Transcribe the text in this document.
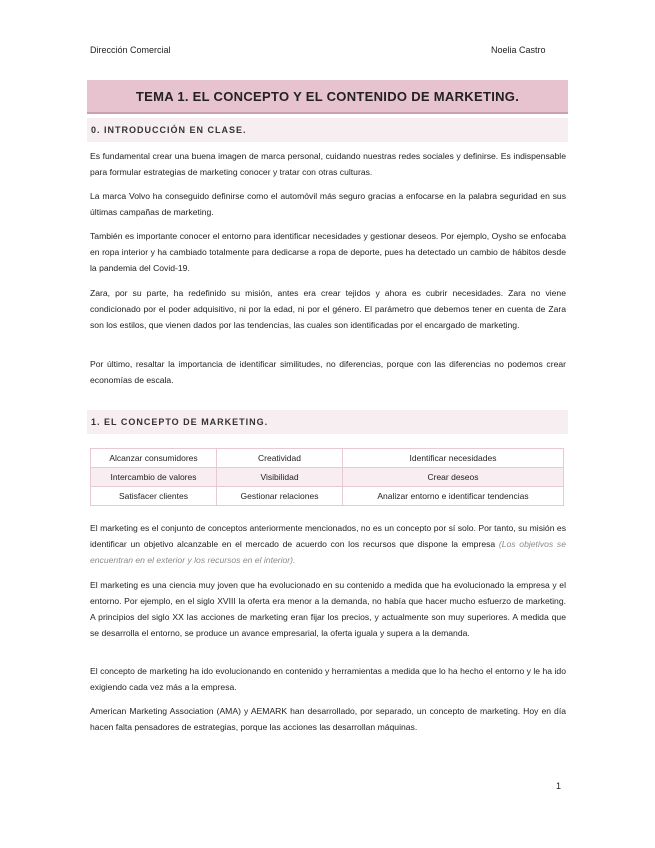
Dirección Comercial	Noelia Castro
TEMA 1. EL CONCEPTO Y EL CONTENIDO DE MARKETING.
0. INTRODUCCIÓN EN CLASE.

Es fundamental crear una buena imagen de marca personal, cuidando nuestras redes sociales y definirse. Es indispensable para formular estrategias de marketing conocer y tratar con otras culturas.

La marca Volvo ha conseguido definirse como el automóvil más seguro gracias a enfocarse en la palabra seguridad en sus últimas campañas de marketing.

También es importante conocer el entorno para identificar necesidades y gestionar deseos. Por ejemplo, Oysho se enfocaba en ropa interior y ha cambiado totalmente para dedicarse a ropa de deporte, pues ha detectado un cambio de hábitos desde la pandemia del Covid-19.

Zara, por su parte, ha redefinido su misión, antes era crear tejidos y ahora es cubrir necesidades. Zara no viene condicionado por el poder adquisitivo, ni por la edad, ni por el género. El parámetro que debemos tener en cuenta de Zara son los estilos, que vienen dados por las tendencias, las cuales son identificadas por el encargado de marketing.

Por último, resaltar la importancia de identificar similitudes, no diferencias, porque con las diferencias no podemos crear economías de escala.

1. EL CONCEPTO DE MARKETING.
Alcanzar consumidores	Creatividad	Identificar necesidades
Intercambio de valores	Visibilidad	Crear deseos
Satisfacer clientes	Gestionar relaciones	Analizar entorno e identificar tendencias

El marketing es el conjunto de conceptos anteriormente mencionados, no es un concepto por sí solo. Por tanto, su misión es identificar un objetivo alcanzable en el mercado de acuerdo con los recursos que dispone la empresa (Los objetivos se encuentran en el exterior y los recursos en el interior).

El marketing es una ciencia muy joven que ha evolucionado en su contenido a medida que ha evolucionado la empresa y el entorno. Por ejemplo, en el siglo XVIII la oferta era menor a la demanda, no había que hacer mucho esfuerzo de marketing. A principios del siglo XX las acciones de marketing eran fijar los precios, y actualmente son muy superiores. A medida que se desarrolla el entorno, se produce un avance empresarial, la oferta iguala y supera a la demanda.

El concepto de marketing ha ido evolucionando en contenido y herramientas a medida que lo ha hecho el entorno y le ha ido exigiendo cada vez más a la empresa.

American Marketing Association (AMA) y AEMARK han desarrollado, por separado, un concepto de marketing. Hoy en día hacen falta pensadores de estrategias, porque las acciones las desarrollan máquinas.

1
